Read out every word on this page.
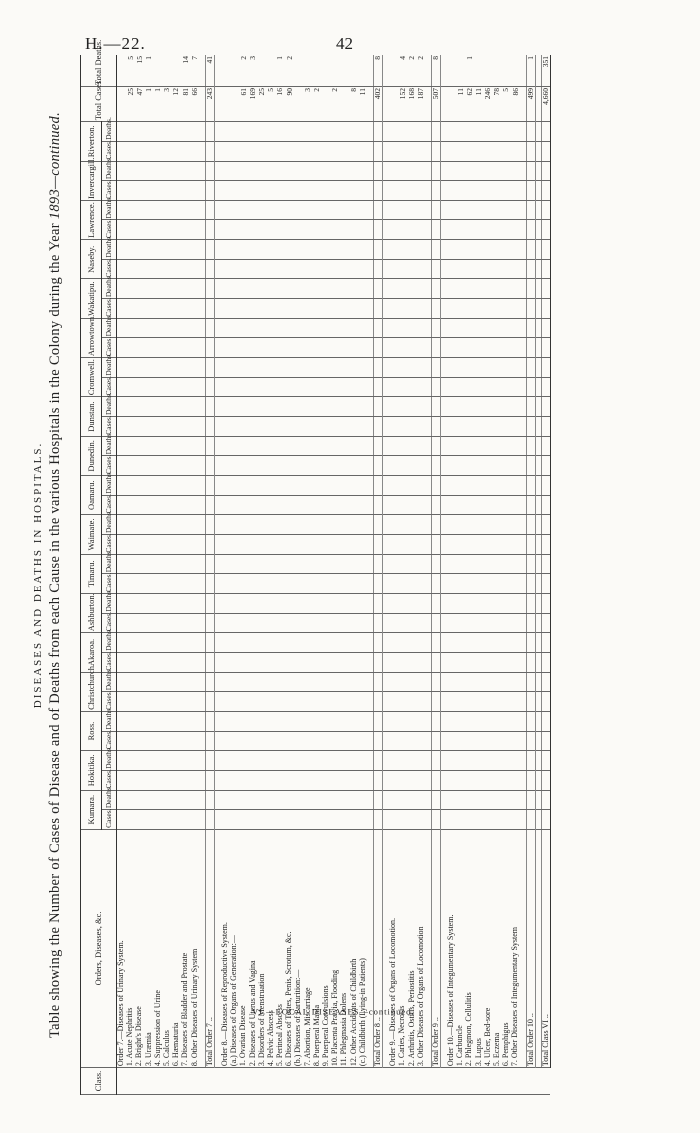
H.—22.	42
DISEASES AND DEATHS IN HOSPITALS. Table showing the Number of Cases of Disease and of Deaths from each Cause in the various Hospitals in the Colony during the Year 1893—continued.
Class.	Orders, Diseases, &c.	Kumara.		Hokitika.		Ross.		Christchurch.		Akaroa.		Ashburton.		Timaru.		Waimate.		Oamaru.		Dunedin.		Dunstan.		Cromwell.		Arrowtown.		Wakatipu.		Naseby.		Lawrence.		Invercargill.		Riverton.		Total Cases.	Total Deaths.
		Cases.	Deaths.	Cases.	Deaths.	Cases.	Deaths.	Cases.	Deaths.	Cases.	Deaths.	Cases.	Deaths.	Cases.	Deaths.	Cases.	Deaths.	Cases.	Deaths.	Cases.	Deaths.	Cases.	Deaths.	Cases.	Deaths.	Cases.	Deaths.	Cases.	Deaths.	Cases.	Deaths.	Cases.	Deaths.	Cases.	Deaths.	Cases.	Deaths.		
VI.—LOCAL DISEASES—continued.	Order 7.—Diseases of Urinary System.																																						
	1. Acute Nephritis																																					25	5
	2. Bright's Disease																																					47	15
	3. Uræmia																																					1	1
	4. Suppression of Urine																																					1	
	5. Calculus																																					3	
	6. Hæmaturia																																					12	
	7. Diseases of Bladder and Prostate																																					81	14
	8. Other Diseases of Urinary System																																					66	7

	Total Order 7 ..																																					243	41

	Order 8.—Diseases of Reproductive System.																																						
	(a.) Diseases of Organs of Generation:—																																						
	1. Ovarian Disease																																					61	2
	2. Diseases of Uterus and Vagina																																					169	3
	3. Disorders of Menstruation																																					25	
	4. Pelvic Abscess																																					5	
	5. Perineal Abscess																																					16	1
	6. Diseases of Testes, Penis, Scrotum, &c.																																					90	2
	(b.) Diseases of Parturition:—																																						
	7. Abortion, Miscarriage																																					3	
	8. Puerperal Mania																																					2	
	9. Puerperal Convulsions																																						
	10. Placenta Prævia, Flooding																																					2	
	11. Phlegmasia Dolens																																						
	12. Other Accidents of Childbirth																																					8	
	(c.) Childbirth (Lying-in Patients)																																					11	

	Total Order 8 ..																																					402	8

	Order 9.—Diseases of Organs of Locomotion.																																						
	1. Caries, Necrosis																																					152	4
	2. Arthritis, Ostitis, Periostitis																																					168	2
	3. Other Diseases of Organs of Locomotion																																					187	2

	Total Order 9 ..																																					507	8

	Order 10.—Diseases of Integumentary System.																																						
	1. Carbuncle																																					11	
	2. Phlegmon, Cellulitis																																					62	1
	3. Lupus																																					11	
	4. Ulcer, Bed-sore																																					246	
	5. Eczema																																					78	
	6. Pemphigus																																					5	
	7. Other Diseases of Integumentary System																																					86	

	Total Order 10 ..																																					499	1

	Total Class VI ..																																					4,660	351
